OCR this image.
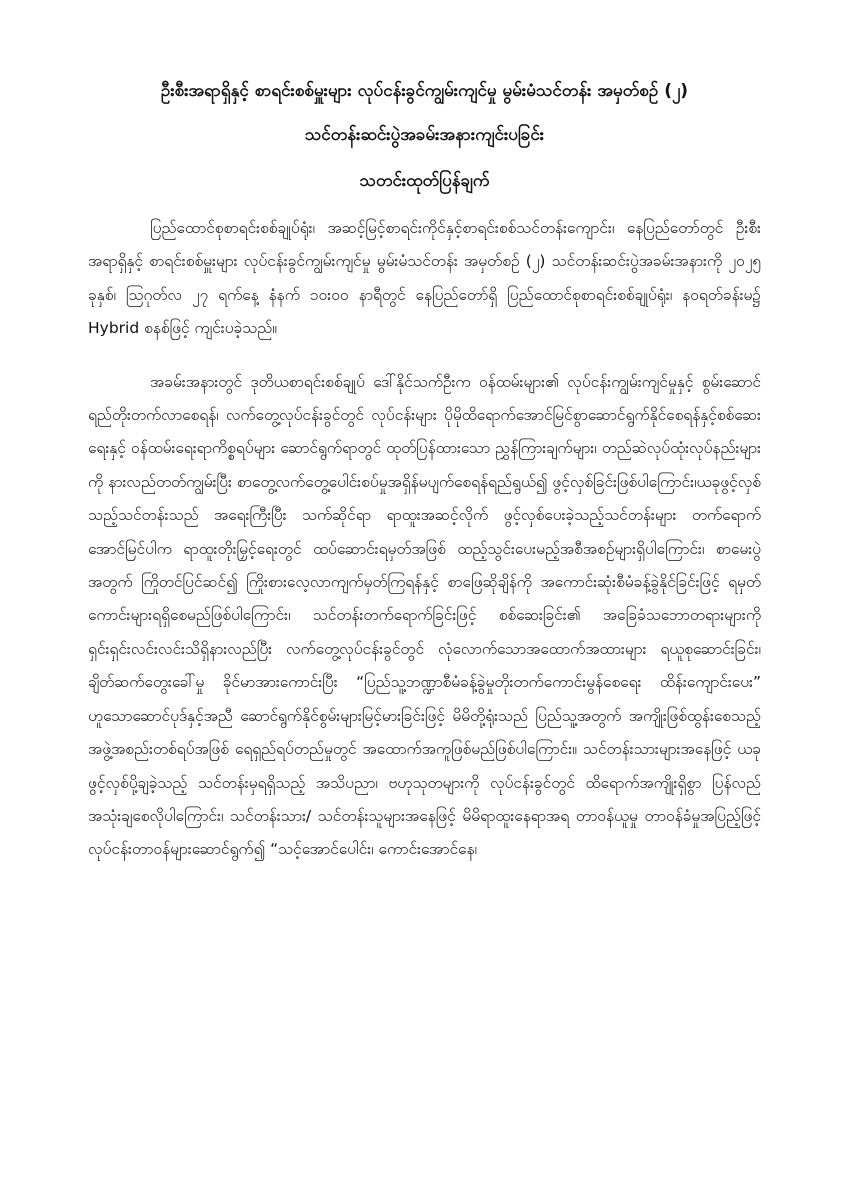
ဦးစီးအရာရှိနှင့် စာရင်းစစ်မှူးများ လုပ်ငန်းခွင်ကျွမ်းကျင်မှု မွမ်းမံသင်တန်း အမှတ်စဉ် (၂)
သင်တန်းဆင်းပွဲအခမ်းအနားကျင်းပခြင်း
သတင်းထုတ်ပြန်ချက်

ပြည်ထောင်စုစာရင်းစစ်ချုပ်ရုံး၊ အဆင့်မြင့်စာရင်းကိုင်နှင့်စာရင်းစစ်သင်တန်းကျောင်း၊ နေပြည်တော်တွင် ဦးစီးအရာရှိနှင့် စာရင်းစစ်မှူးများ လုပ်ငန်းခွင်ကျွမ်းကျင်မှု မွမ်းမံသင်တန်း အမှတ်စဉ် (၂) သင်တန်းဆင်းပွဲအခမ်းအနားကို ၂၀၂၅ ခုနှစ်၊ ဩဂုတ်လ ၂၇ ရက်နေ့ နံနက် ၁၀း၀၀ နာရီတွင် နေပြည်တော်ရှိ ပြည်ထောင်စုစာရင်းစစ်ချုပ်ရုံး၊ န၀ရတ်ခန်းမ၌ Hybrid စနစ်ဖြင့် ကျင်းပခဲ့သည်။

အခမ်းအနားတွင် ဒုတိယစာရင်းစစ်ချုပ် ဒေါ်နိုင်သက်ဦးက ဝန်ထမ်းများ၏ လုပ်ငန်းကျွမ်းကျင်မှုနှင့် စွမ်းဆောင်ရည်တိုးတက်လာစေရန်၊ လက်တွေ့လုပ်ငန်းခွင်တွင် လုပ်ငန်းများ ပိုမိုထိရောက်အောင်မြင်စွာဆောင်ရွက်နိုင်စေရန်နှင့်စစ်ဆေးရေးနှင့် ဝန်ထမ်းရေးရာကိစ္စရပ်များ ဆောင်ရွက်ရာတွင် ထုတ်ပြန်ထားသော ညွှန်ကြားချက်များ၊ တည်ဆဲလုပ်ထုံးလုပ်နည်းများကို နားလည်တတ်ကျွမ်းပြီး စာတွေ့လက်တွေ့ပေါင်းစပ်မှုအရှိန်မပျက်စေရန်ရည်ရွယ်၍ ဖွင့်လှစ်ခြင်းဖြစ်ပါကြောင်း၊ယခုဖွင့်လှစ်သည့်သင်တန်းသည် အရေးကြီးပြီး သက်ဆိုင်ရာ ရာထူးအဆင့်လိုက် ဖွင့်လှစ်ပေးခဲ့သည့်သင်တန်းများ တက်ရောက်အောင်မြင်ပါက ရာထူးတိုးမြှင့်ရေးတွင် ထပ်ဆောင်းရမှတ်အဖြစ် ထည့်သွင်းပေးမည့်အစီအစဉ်များရှိပါကြောင်း၊ စာမေးပွဲအတွက် ကြိုတင်ပြင်ဆင်၍ ကြိုးစားလေ့လာကျက်မှတ်ကြရန်နှင့် စာဖြေဆိုချိန်ကို အကောင်းဆုံးစီမံခန့်ခွဲနိုင်ခြင်းဖြင့် ရမှတ်ကောင်းများရရှိစေမည်ဖြစ်ပါကြောင်း၊ သင်တန်းတက်ရောက်ခြင်းဖြင့် စစ်ဆေးခြင်း၏ အခြေခံသဘောတရားများကို ရှင်းရှင်းလင်းလင်းသိရှိနားလည်ပြီး လက်တွေ့လုပ်ငန်းခွင်တွင် လုံလောက်သောအထောက်အထားများ ရယူစုဆောင်းခြင်း၊ ချိတ်ဆက်တွေးခေါ်မှု ခိုင်မာအားကောင်းပြီး “ပြည်သူ့ဘဏ္ဍာစီမံခန့်ခွဲမှုတိုးတက်ကောင်းမွန်စေရေး ထိန်းကျောင်းပေး” ဟူသောဆောင်ပုဒ်နှင့်အညီ ဆောင်ရွက်နိုင်စွမ်းများမြင့်မားခြင်းဖြင့် မိမိတို့ရုံးသည် ပြည်သူ့အတွက် အကျိုးဖြစ်ထွန်းစေသည့် အဖွဲ့အစည်းတစ်ရပ်အဖြစ် ရေရှည်ရပ်တည်မှုတွင် အထောက်အကူဖြစ်မည်ဖြစ်ပါကြောင်း။ သင်တန်းသားများအနေဖြင့် ယခုဖွင့်လှစ်ပို့ချခဲ့သည့် သင်တန်းမှရရှိသည့် အသိပညာ၊ ဗဟုသုတများကို လုပ်ငန်းခွင်တွင် ထိရောက်အကျိုးရှိစွာ ပြန်လည်အသုံးချစေလိုပါကြောင်း၊ သင်တန်းသား/ သင်တန်းသူများအနေဖြင့် မိမိရာထူးနေရာအရ တာဝန်ယူမှု တာဝန်ခံမှုအပြည့်ဖြင့် လုပ်ငန်းတာဝန်များဆောင်ရွက်၍ “သင့်အောင်ပေါင်း၊ ကောင်းအောင်နေ၊
